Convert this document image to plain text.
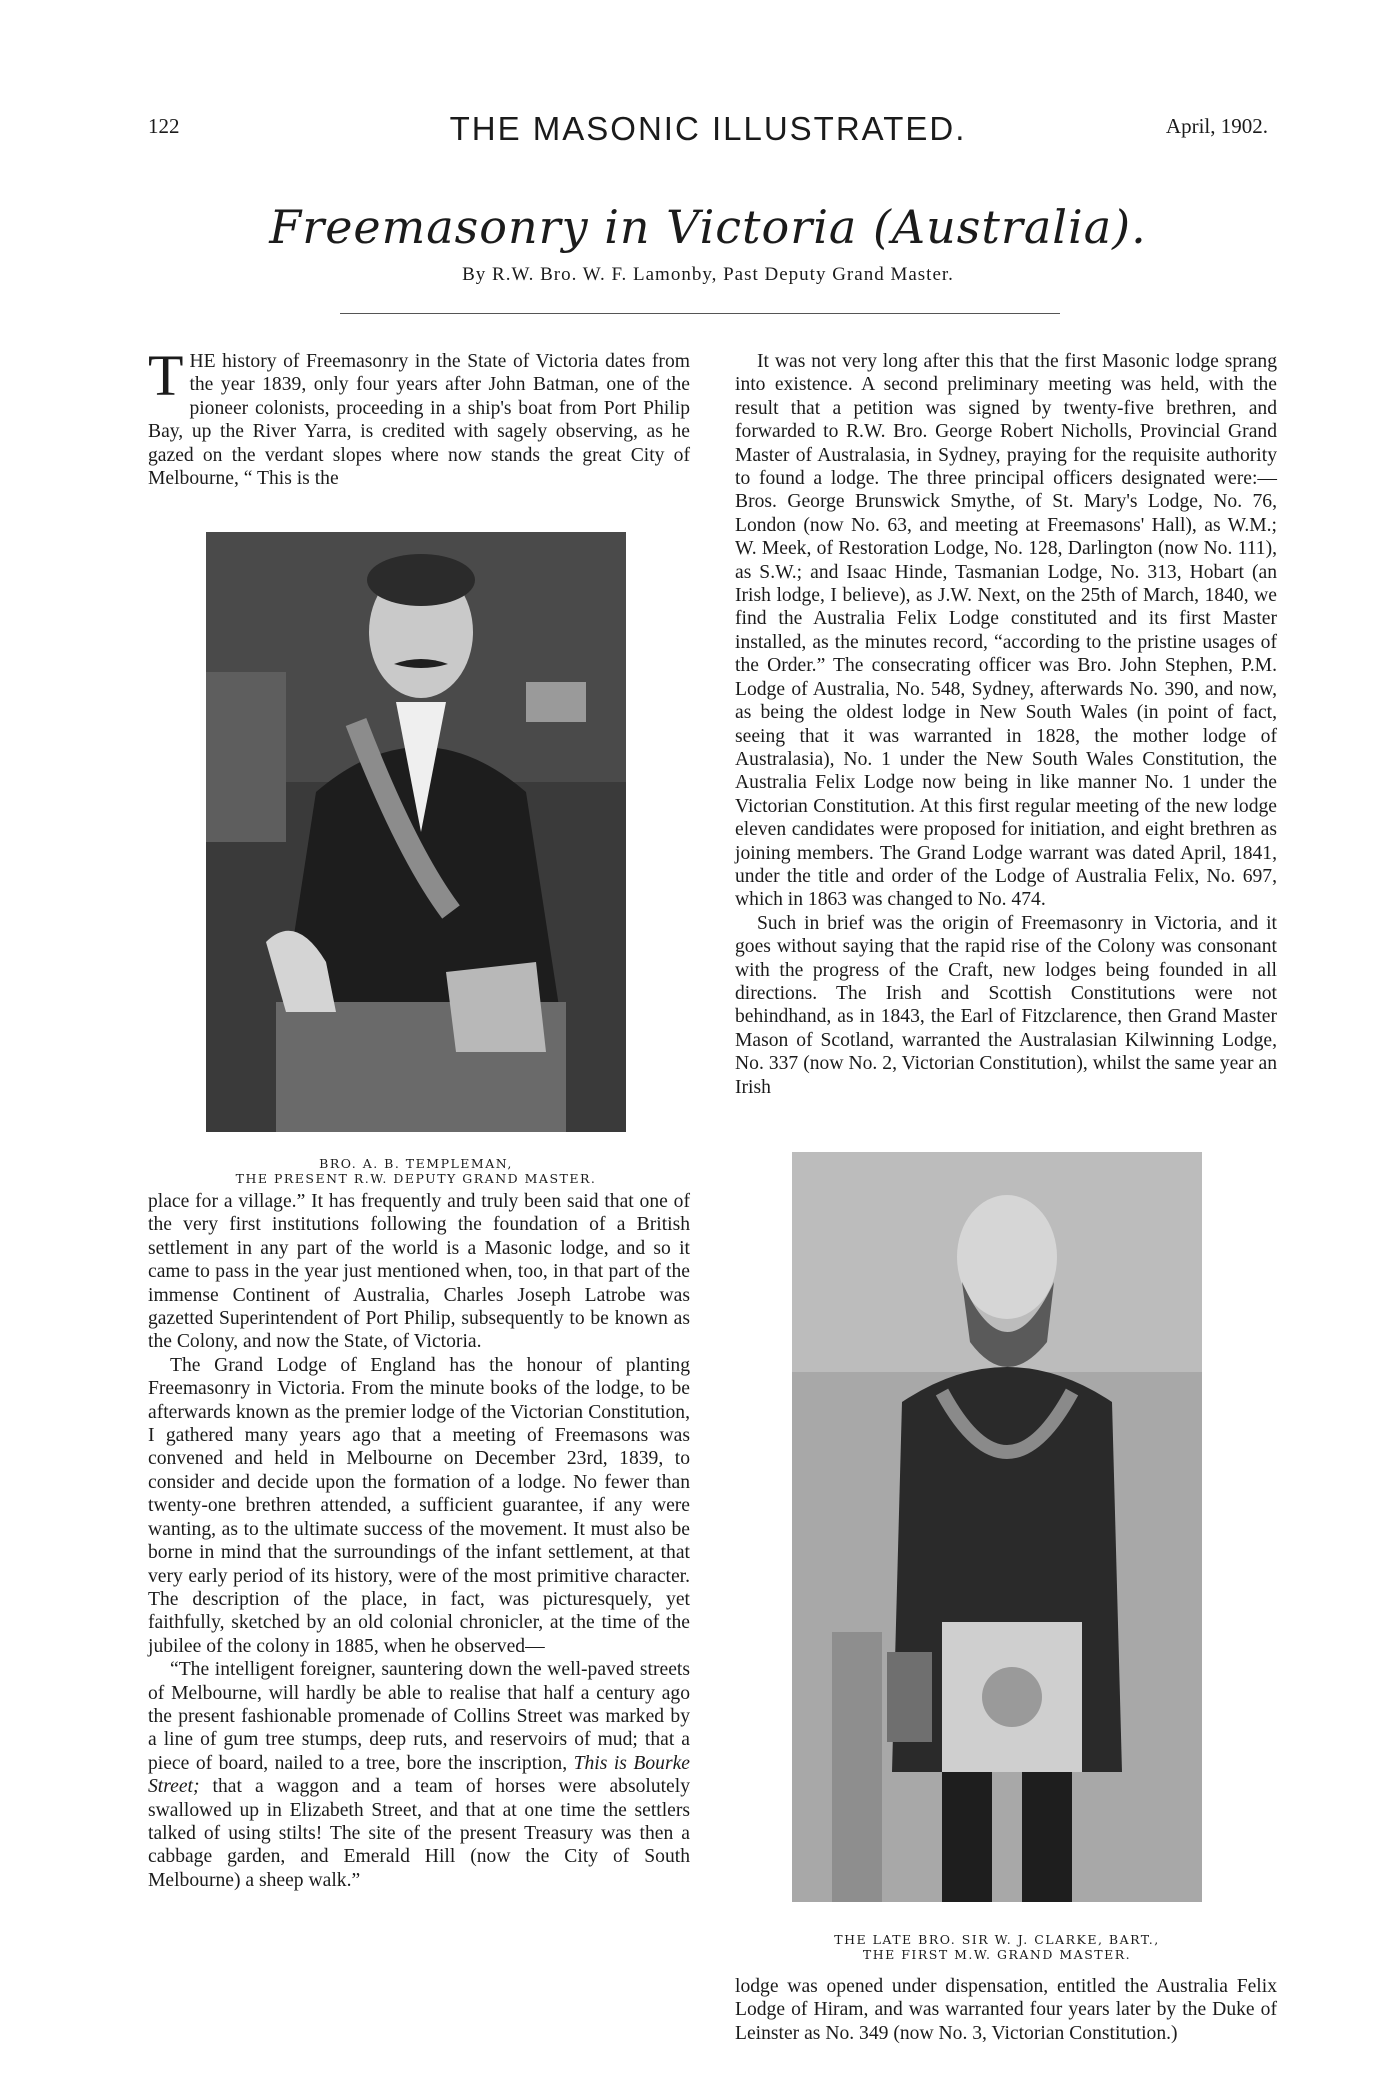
122	THE MASONIC ILLUSTRATED.	April, 1902.
Freemasonry in Victoria (Australia).
By R.W. Bro. W. F. Lamonby, Past Deputy Grand Master.

THE history of Freemasonry in the State of Victoria dates from the year 1839, only four years after John Batman, one of the pioneer colonists, proceeding in a ship's boat from Port Philip Bay, up the River Yarra, is credited with sagely observing, as he gazed on the verdant slopes where now stands the great City of Melbourne, “ This is the

BRO. A. B. TEMPLEMAN,
THE PRESENT R.W. DEPUTY GRAND MASTER.

place for a village.” It has frequently and truly been said that one of the very first institutions following the foundation of a British settlement in any part of the world is a Masonic lodge, and so it came to pass in the year just mentioned when, too, in that part of the immense Continent of Australia, Charles Joseph Latrobe was gazetted Superintendent of Port Philip, subsequently to be known as the Colony, and now the State, of Victoria.

The Grand Lodge of England has the honour of planting Freemasonry in Victoria. From the minute books of the lodge, to be afterwards known as the premier lodge of the Victorian Constitution, I gathered many years ago that a meeting of Freemasons was convened and held in Melbourne on December 23rd, 1839, to consider and decide upon the formation of a lodge. No fewer than twenty-one brethren attended, a sufficient guarantee, if any were wanting, as to the ultimate success of the movement. It must also be borne in mind that the surroundings of the infant settlement, at that very early period of its history, were of the most primitive character. The description of the place, in fact, was picturesquely, yet faithfully, sketched by an old colonial chronicler, at the time of the jubilee of the colony in 1885, when he observed—

“The intelligent foreigner, sauntering down the well-paved streets of Melbourne, will hardly be able to realise that half a century ago the present fashionable promenade of Collins Street was marked by a line of gum tree stumps, deep ruts, and reservoirs of mud; that a piece of board, nailed to a tree, bore the inscription, This is Bourke Street; that a waggon and a team of horses were absolutely swallowed up in Elizabeth Street, and that at one time the settlers talked of using stilts! The site of the present Treasury was then a cabbage garden, and Emerald Hill (now the City of South Melbourne) a sheep walk.”

It was not very long after this that the first Masonic lodge sprang into existence. A second preliminary meeting was held, with the result that a petition was signed by twenty-five brethren, and forwarded to R.W. Bro. George Robert Nicholls, Provincial Grand Master of Australasia, in Sydney, praying for the requisite authority to found a lodge. The three principal officers designated were:—Bros. George Brunswick Smythe, of St. Mary's Lodge, No. 76, London (now No. 63, and meeting at Freemasons' Hall), as W.M.; W. Meek, of Restoration Lodge, No. 128, Darlington (now No. 111), as S.W.; and Isaac Hinde, Tasmanian Lodge, No. 313, Hobart (an Irish lodge, I believe), as J.W. Next, on the 25th of March, 1840, we find the Australia Felix Lodge constituted and its first Master installed, as the minutes record, “according to the pristine usages of the Order.” The consecrating officer was Bro. John Stephen, P.M. Lodge of Australia, No. 548, Sydney, afterwards No. 390, and now, as being the oldest lodge in New South Wales (in point of fact, seeing that it was warranted in 1828, the mother lodge of Australasia), No. 1 under the New South Wales Constitution, the Australia Felix Lodge now being in like manner No. 1 under the Victorian Constitution. At this first regular meeting of the new lodge eleven candidates were proposed for initiation, and eight brethren as joining members. The Grand Lodge warrant was dated April, 1841, under the title and order of the Lodge of Australia Felix, No. 697, which in 1863 was changed to No. 474.

Such in brief was the origin of Freemasonry in Victoria, and it goes without saying that the rapid rise of the Colony was consonant with the progress of the Craft, new lodges being founded in all directions. The Irish and Scottish Constitutions were not behindhand, as in 1843, the Earl of Fitzclarence, then Grand Master Mason of Scotland, warranted the Australasian Kilwinning Lodge, No. 337 (now No. 2, Victorian Constitution), whilst the same year an Irish

THE LATE BRO. SIR W. J. CLARKE, BART.,
THE FIRST M.W. GRAND MASTER.

lodge was opened under dispensation, entitled the Australia Felix Lodge of Hiram, and was warranted four years later by the Duke of Leinster as No. 349 (now No. 3, Victorian Constitution.)
